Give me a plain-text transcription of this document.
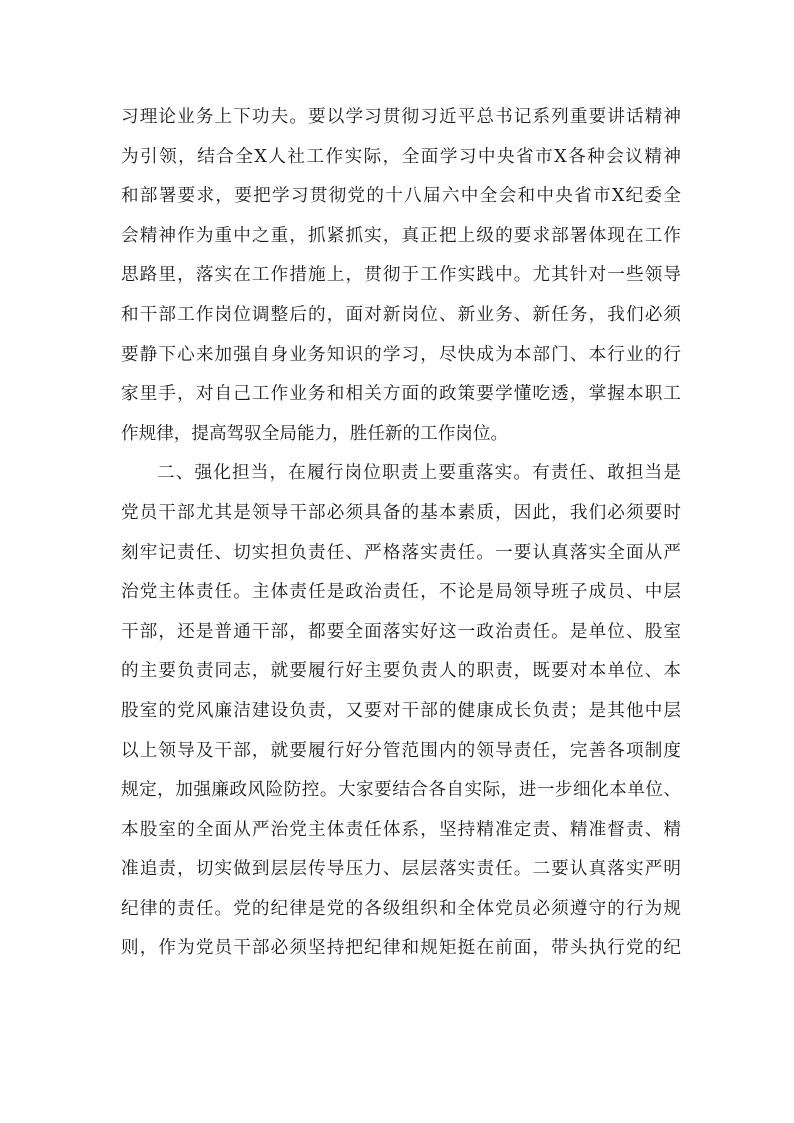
习理论业务上下功夫。要以学习贯彻习近平总书记系列重要讲话精神
为引领，结合全X人社工作实际，全面学习中央省市X各种会议精神
和部署要求，要把学习贯彻党的十八届六中全会和中央省市X纪委全
会精神作为重中之重，抓紧抓实，真正把上级的要求部署体现在工作
思路里，落实在工作措施上，贯彻于工作实践中。尤其针对一些领导
和干部工作岗位调整后的，面对新岗位、新业务、新任务，我们必须
要静下心来加强自身业务知识的学习，尽快成为本部门、本行业的行
家里手，对自己工作业务和相关方面的政策要学懂吃透，掌握本职工
作规律，提高驾驭全局能力，胜任新的工作岗位。
二、强化担当，在履行岗位职责上要重落实。有责任、敢担当是
党员干部尤其是领导干部必须具备的基本素质，因此，我们必须要时
刻牢记责任、切实担负责任、严格落实责任。一要认真落实全面从严
治党主体责任。主体责任是政治责任，不论是局领导班子成员、中层
干部，还是普通干部，都要全面落实好这一政治责任。是单位、股室
的主要负责同志，就要履行好主要负责人的职责，既要对本单位、本
股室的党风廉洁建设负责，又要对干部的健康成长负责；是其他中层
以上领导及干部，就要履行好分管范围内的领导责任，完善各项制度
规定，加强廉政风险防控。大家要结合各自实际，进一步细化本单位、
本股室的全面从严治党主体责任体系，坚持精准定责、精准督责、精
准追责，切实做到层层传导压力、层层落实责任。二要认真落实严明
纪律的责任。党的纪律是党的各级组织和全体党员必须遵守的行为规
则，作为党员干部必须坚持把纪律和规矩挺在前面，带头执行党的纪
